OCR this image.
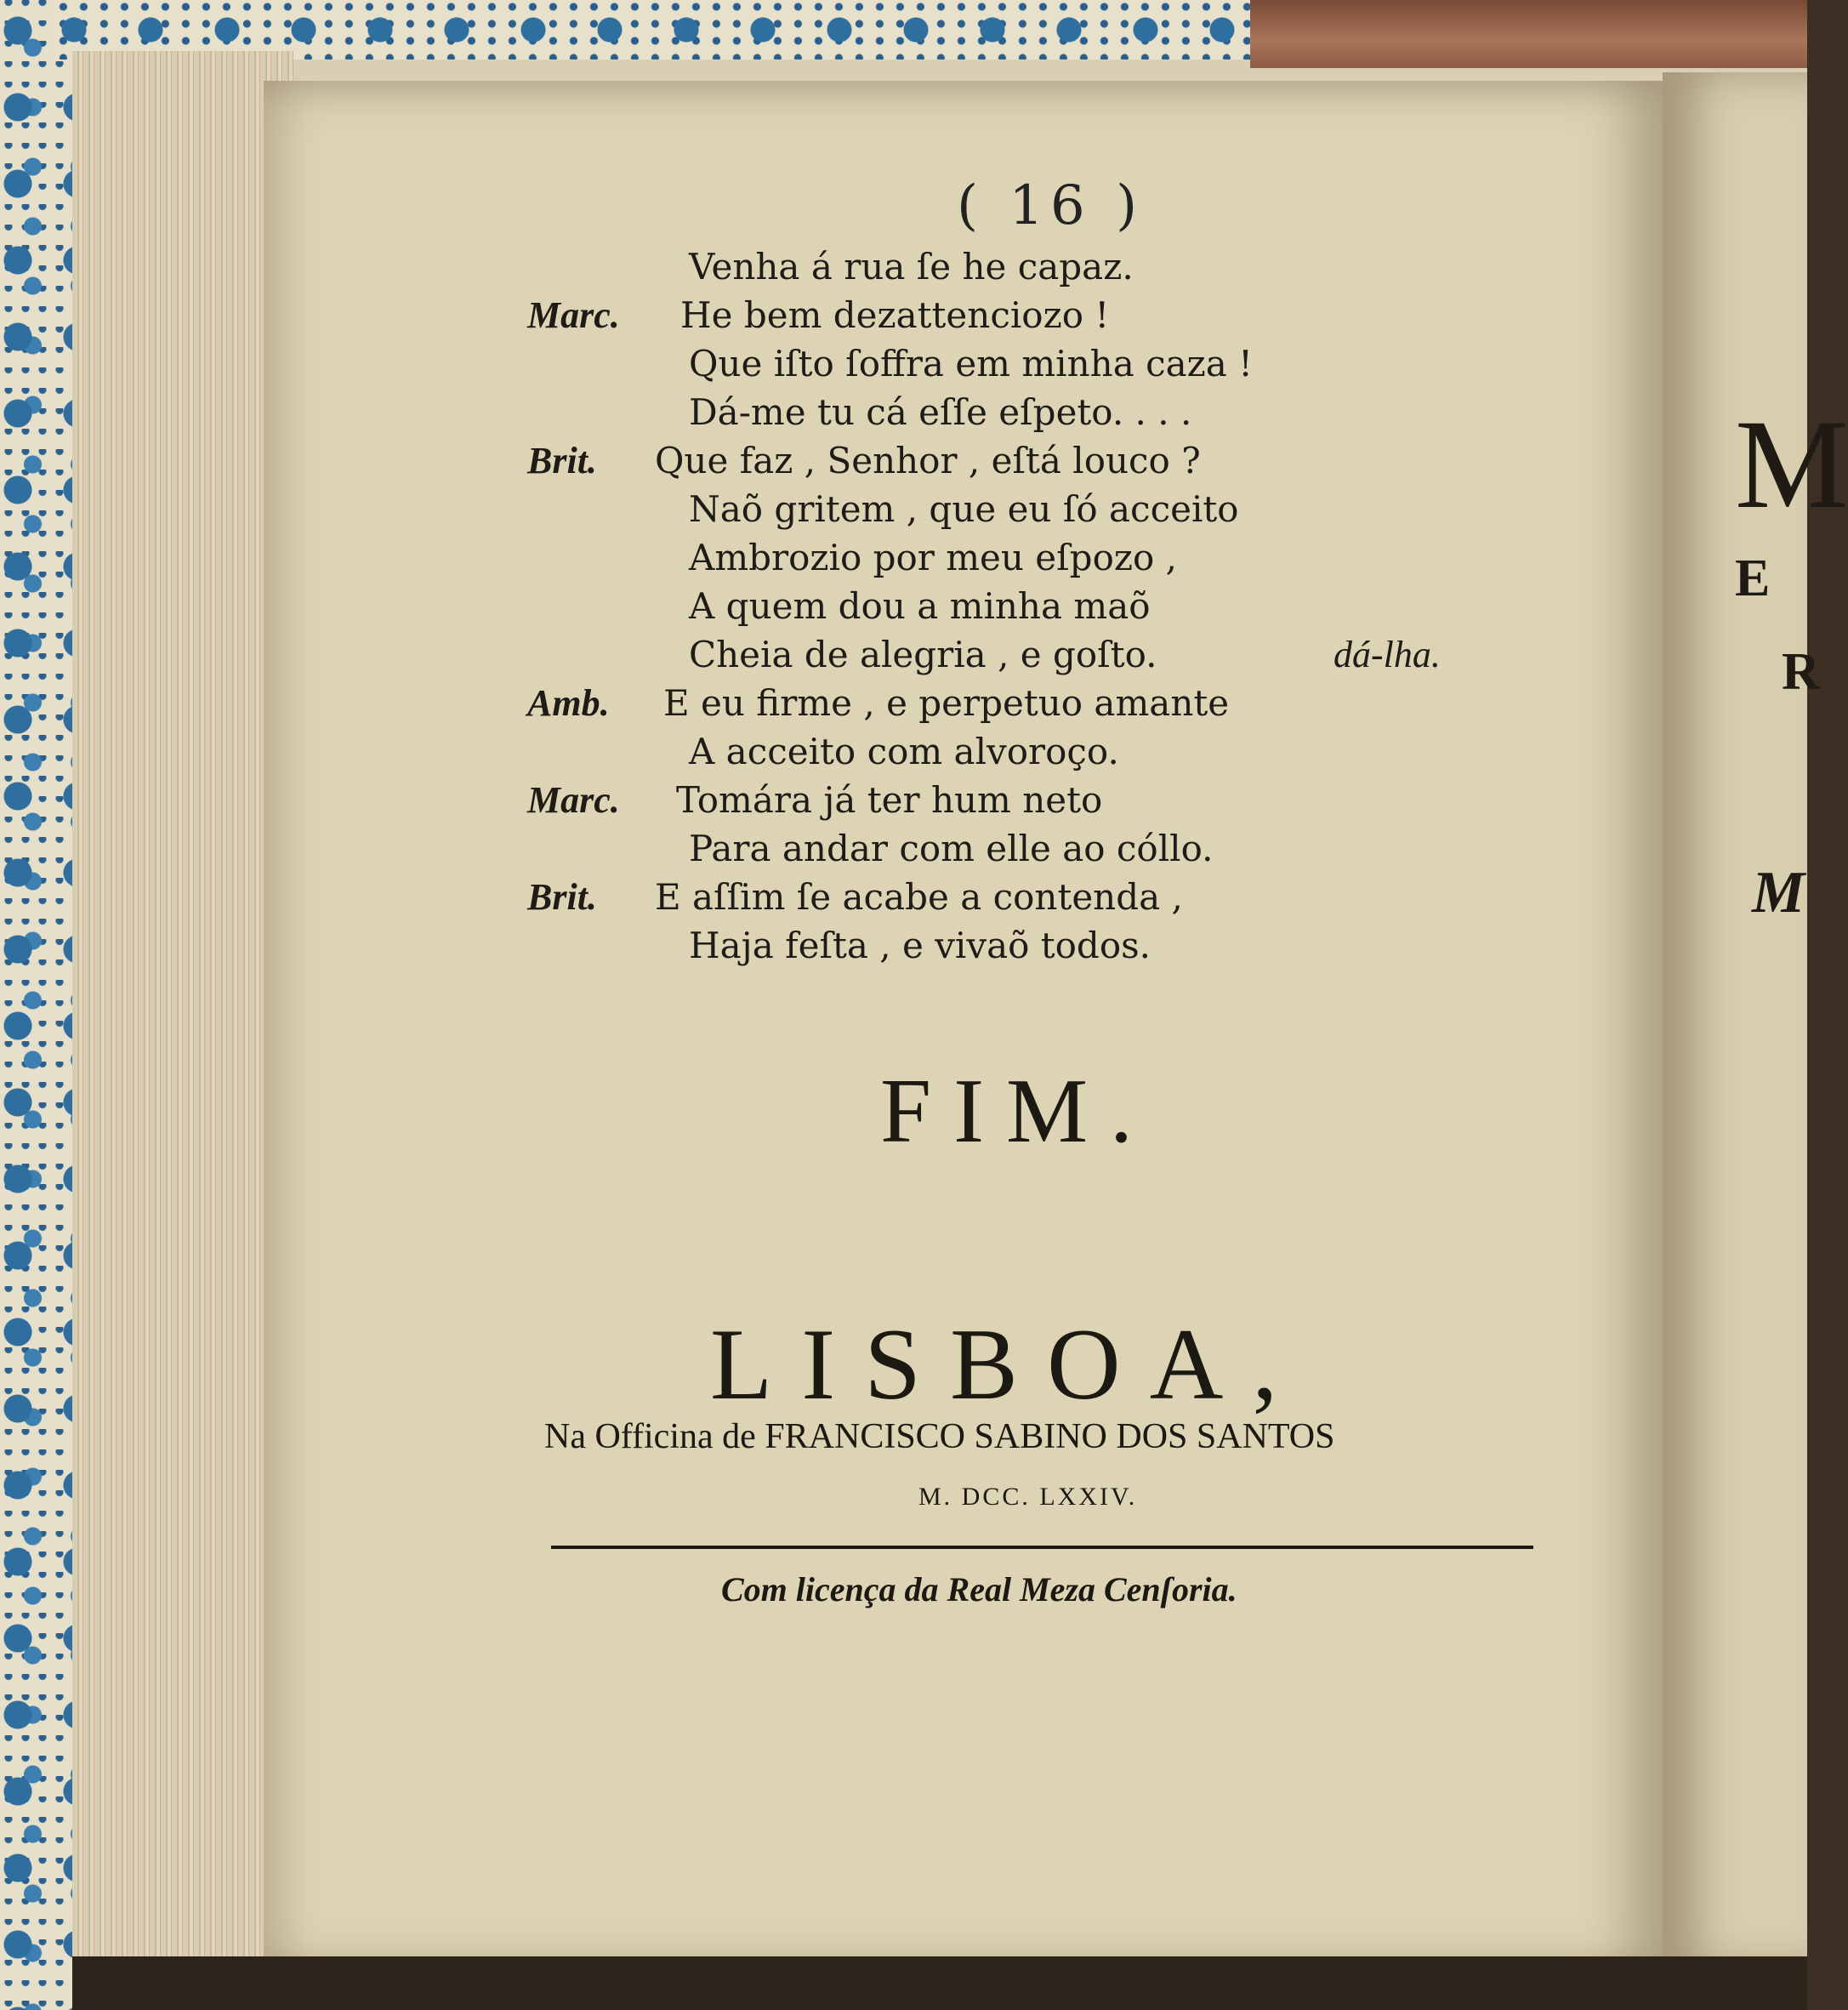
M
E
R
M
( 16 )
Venha á rua ſe he capaz.
Marc. He bem dezattenciozo !
Que iſto ſoffra em minha caza !
Dá-me tu cá eſſe eſpeto. . . .
Brit. Que faz , Senhor , eſtá louco ?
Naõ gritem , que eu ſó acceito
Ambrozio por meu eſpozo ,
A quem dou a minha maõ
Cheia de alegria , e goſto.	dá-lha.
Amb. E eu firme , e perpetuo amante
A acceito com alvoroço.
Marc. Tomára já ter hum neto
Para andar com elle ao cóllo.
Brit. E aſſim ſe acabe a contenda ,
Haja feſta , e vivaõ todos.
FIM.
LISBOA,
Na Officina de FRANCISCO SABINO DOS SANTOS
M. DCC. LXXIV.
Com licença da Real Meza Cenſoria.
